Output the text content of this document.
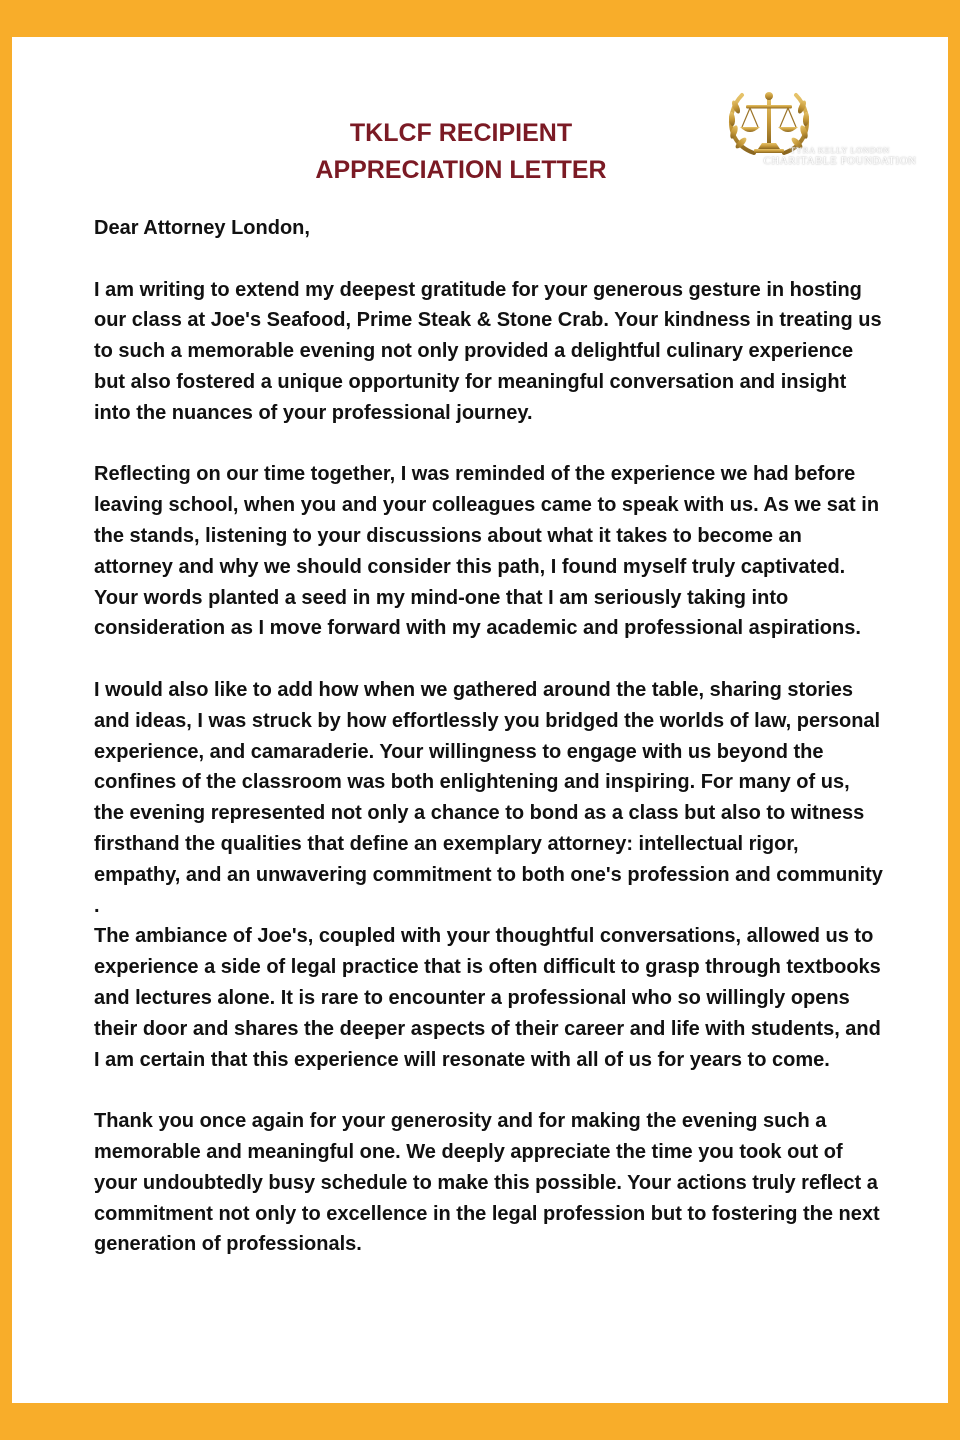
TKLCF RECIPIENT
APPRECIATION LETTER
TYRA KELLY LONDON
CHARITABLE FOUNDATION

Dear Attorney London,

I am writing to extend my deepest gratitude for your generous gesture in hosting our class at Joe's Seafood, Prime Steak & Stone Crab. Your kindness in treating us to such a memorable evening not only provided a delightful culinary experience but also fostered a unique opportunity for meaningful conversation and insight into the nuances of your professional journey.

Reflecting on our time together, I was reminded of the experience we had before leaving school, when you and your colleagues came to speak with us. As we sat in the stands, listening to your discussions about what it takes to become an attorney and why we should consider this path, I found myself truly captivated. Your words planted a seed in my mind-one that I am seriously taking into consideration as I move forward with my academic and professional aspirations.

I would also like to add how when we gathered around the table, sharing stories and ideas, I was struck by how effortlessly you bridged the worlds of law, personal experience, and camaraderie. Your willingness to engage with us beyond the confines of the classroom was both enlightening and inspiring. For many of us, the evening represented not only a chance to bond as a class but also to witness firsthand the qualities that define an exemplary attorney: intellectual rigor, empathy, and an unwavering commitment to both one's profession and community

.

The ambiance of Joe's, coupled with your thoughtful conversations, allowed us to experience a side of legal practice that is often difficult to grasp through textbooks and lectures alone. It is rare to encounter a professional who so willingly opens their door and shares the deeper aspects of their career and life with students, and I am certain that this experience will resonate with all of us for years to come.

Thank you once again for your generosity and for making the evening such a memorable and meaningful one. We deeply appreciate the time you took out of your undoubtedly busy schedule to make this possible. Your actions truly reflect a commitment not only to excellence in the legal profession but to fostering the next generation of professionals.
